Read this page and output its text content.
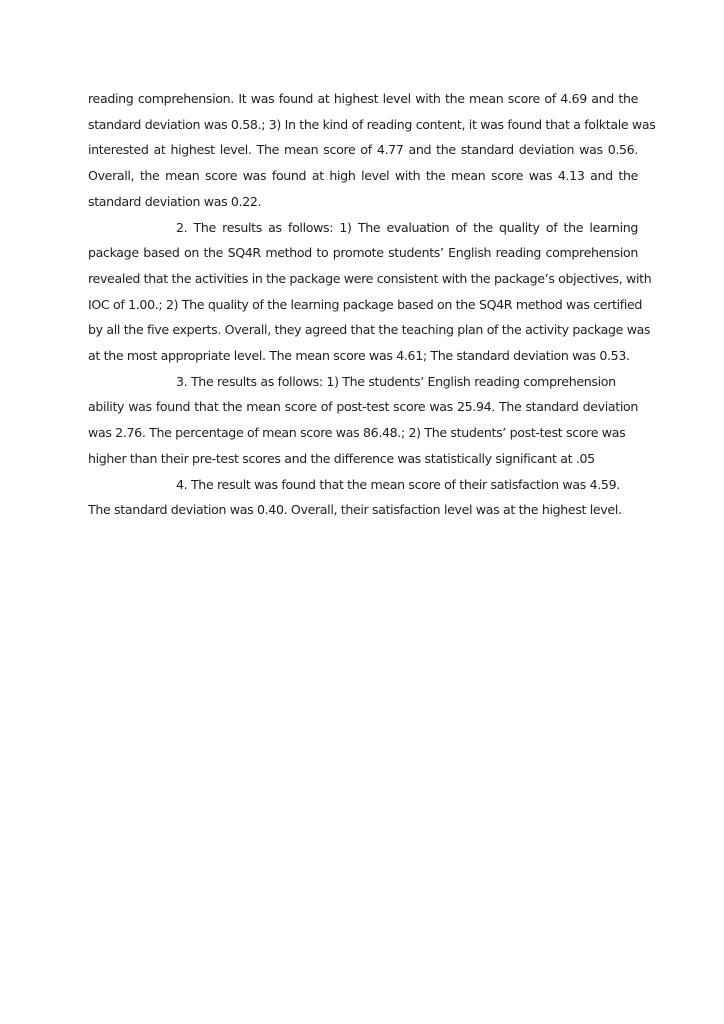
reading comprehension. It was found at highest level with the mean score of 4.69 and the
standard deviation was 0.58.; 3) In the kind of reading content, it was found that a folktale was
interested at highest level. The mean score of 4.77 and the standard deviation was 0.56.
Overall, the mean score was found at high level with the mean score was 4.13 and the
standard deviation was 0.22.
2. The results as follows: 1) The evaluation of the quality of the learning
package based on the SQ4R method to promote students’ English reading comprehension
revealed that the activities in the package were consistent with the package’s objectives, with
IOC of 1.00.; 2) The quality of the learning package based on the SQ4R method was certified
by all the five experts. Overall, they agreed that the teaching plan of the activity package was
at the most appropriate level. The mean score was 4.61; The standard deviation was 0.53.
3. The results as follows: 1) The students’ English reading comprehension
ability was found that the mean score of post-test score was 25.94. The standard deviation
was 2.76. The percentage of mean score was 86.48.; 2) The students’ post-test score was
higher than their pre-test scores and the difference was statistically significant at .05
4. The result was found that the mean score of their satisfaction was 4.59.
The standard deviation was 0.40. Overall, their satisfaction level was at the highest level.
